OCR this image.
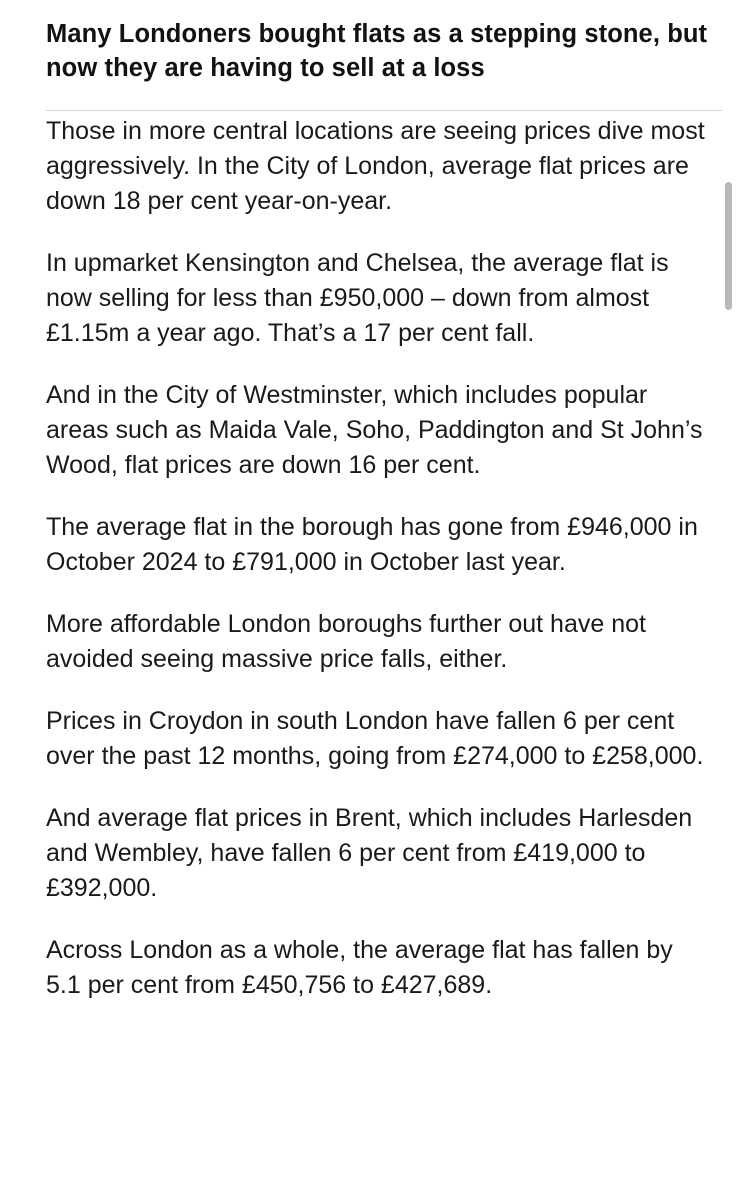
Many Londoners bought flats as a stepping stone, but now they are having to sell at a loss

Those in more central locations are seeing prices dive most aggressively. In the City of London, average flat prices are down 18 per cent year-on-year.

In upmarket Kensington and Chelsea, the average flat is now selling for less than £950,000 – down from almost £1.15m a year ago. That’s a 17 per cent fall.

And in the City of Westminster, which includes popular areas such as Maida Vale, Soho, Paddington and St John’s Wood, flat prices are down 16 per cent.

The average flat in the borough has gone from £946,000 in October 2024 to £791,000 in October last year.

More affordable London boroughs further out have not avoided seeing massive price falls, either.

Prices in Croydon in south London have fallen 6 per cent over the past 12 months, going from £274,000 to £258,000.

And average flat prices in Brent, which includes Harlesden and Wembley, have fallen 6 per cent from £419,000 to £392,000.

Across London as a whole, the average flat has fallen by 5.1 per cent from £450,756 to £427,689.
